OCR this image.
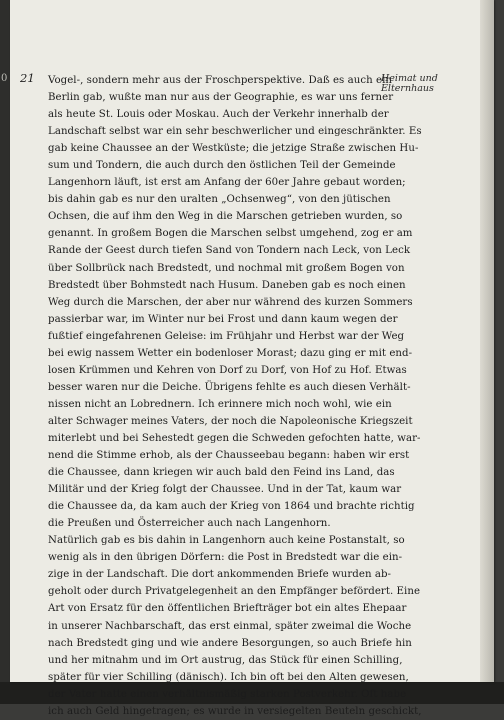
0 21	Heimat und
Elternhaus
Vogel-, sondern mehr aus der Froschperspektive. Daß es auch ein
Berlin gab, wußte man nur aus der Geographie, es war uns ferner
als heute St. Louis oder Moskau. Auch der Verkehr innerhalb der
Landschaft selbst war ein sehr beschwerlicher und eingeschränkter. Es
gab keine Chaussee an der Westküste; die jetzige Straße zwischen Hu-
sum und Tondern, die auch durch den östlichen Teil der Gemeinde
Langenhorn läuft, ist erst am Anfang der 60er Jahre gebaut worden;
bis dahin gab es nur den uralten „Ochsenweg“, von den jütischen
Ochsen, die auf ihm den Weg in die Marschen getrieben wurden, so
genannt. In großem Bogen die Marschen selbst umgehend, zog er am
Rande der Geest durch tiefen Sand von Tondern nach Leck, von Leck
über Sollbrück nach Bredstedt, und nochmal mit großem Bogen von
Bredstedt über Bohmstedt nach Husum. Daneben gab es noch einen
Weg durch die Marschen, der aber nur während des kurzen Sommers
passierbar war, im Winter nur bei Frost und dann kaum wegen der
fußtief eingefahrenen Geleise: im Frühjahr und Herbst war der Weg
bei ewig nassem Wetter ein bodenloser Morast; dazu ging er mit end-
losen Krümmen und Kehren von Dorf zu Dorf, von Hof zu Hof. Etwas
besser waren nur die Deiche. Übrigens fehlte es auch diesen Verhält-
nissen nicht an Lobrednern. Ich erinnere mich noch wohl, wie ein
alter Schwager meines Vaters, der noch die Napoleonische Kriegszeit
miterlebt und bei Sehestedt gegen die Schweden gefochten hatte, war-
nend die Stimme erhob, als der Chausseebau begann: haben wir erst
die Chaussee, dann kriegen wir auch bald den Feind ins Land, das
Militär und der Krieg folgt der Chaussee. Und in der Tat, kaum war
die Chaussee da, da kam auch der Krieg von 1864 und brachte richtig
die Preußen und Österreicher auch nach Langenhorn.
Natürlich gab es bis dahin in Langenhorn auch keine Postanstalt, so
wenig als in den übrigen Dörfern: die Post in Bredstedt war die ein-
zige in der Landschaft. Die dort ankommenden Briefe wurden ab-
geholt oder durch Privatgelegenheit an den Empfänger befördert. Eine
Art von Ersatz für den öffentlichen Briefträger bot ein altes Ehepaar
in unserer Nachbarschaft, das erst einmal, später zweimal die Woche
nach Bredstedt ging und wie andere Besorgungen, so auch Briefe hin
und her mitnahm und im Ort austrug, das Stück für einen Schilling,
später für vier Schilling (dänisch). Ich bin oft bei den Alten gewesen,
der Vater hatte einen verhältnismäßig starken Postverkehr. Oft habe
ich auch Geld hingetragen; es wurde in versiegelten Beuteln geschickt,
